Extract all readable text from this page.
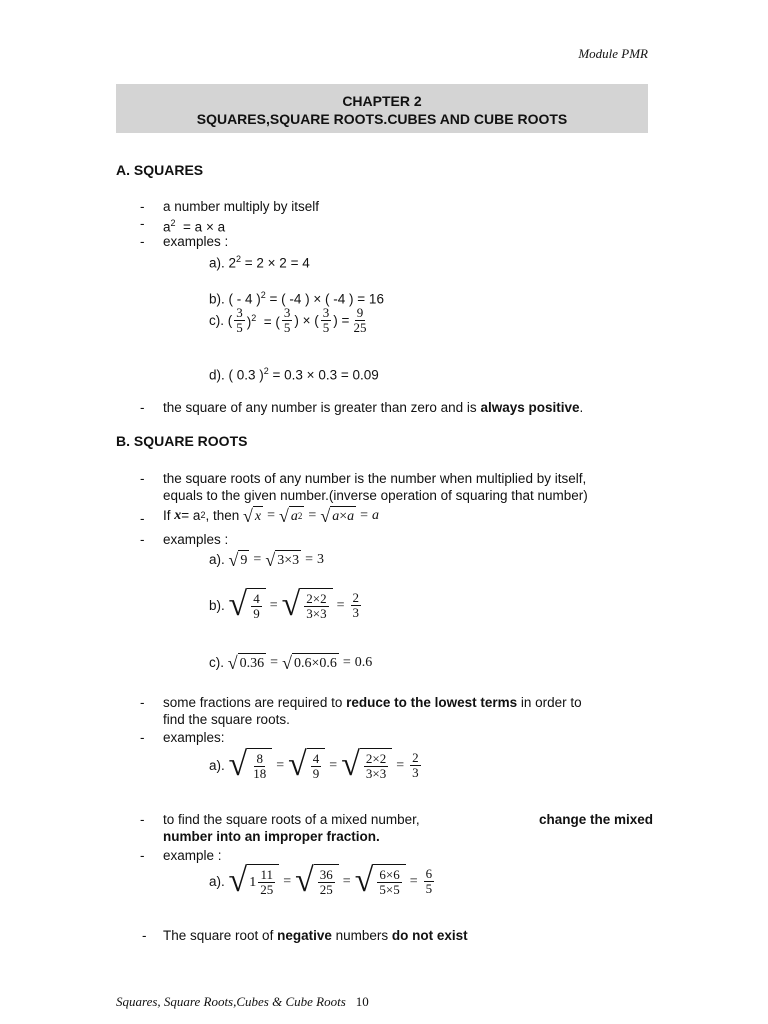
Module PMR
CHAPTER 2
SQUARES,SQUARE ROOTS.CUBES AND CUBE ROOTS
A. SQUARES
- a number multiply by itself
- $a^2 = a \times a$
- examples :
a). $2^2 = 2 \times 2 = 4$
b). ( - 4 )$^2$ = ( -4 ) × ( -4 ) = 16
c). ( $\frac{3}{5} )^2$  = ( $\frac{3}{5}$ ) × ( $\frac{3}{5}$ ) = $\frac{9}{25}$
d). ( 0.3 )$^2$ = 0.3 × 0.3 = 0.09
- the square of any number is greater than zero and is always positive.
B. SQUARE ROOTS
- the square roots of any number is the number when multiplied by itself,
equals to the given number.(inverse operation of squaring that number)
- If
x = a 2 , then
√ x = √ a 2 = √ a × a = a
- examples :
a).
√ 9 = √ 3×3 = 3
b).
√ $\frac{4}{9}$ = √ $\frac{2\times 2}{3\times 3} = \frac{2}{3}$
c).
√ 0.36 = √ 0.6×0.6 = 0.6
- some fractions are required to reduce to the lowest terms in order to
find the square roots.
- examples:
a).
√ $\frac{8}{18}$ = √ $\frac{4}{9}$ = √ $\frac{2\times 2}{3\times 3} = \frac{2}{3}$
- to find the square roots of a mixed number,	change the mixed
number into an improper fraction.
- example :
a).
√ $1 \frac{11}{25}$ = √ $\frac{36}{25}$ = √ $\frac{6\times 6}{5\times 5} = \frac{6}{5}$
- The square root of negative numbers do not exist
Squares, Square Roots,Cubes & Cube Roots 10
